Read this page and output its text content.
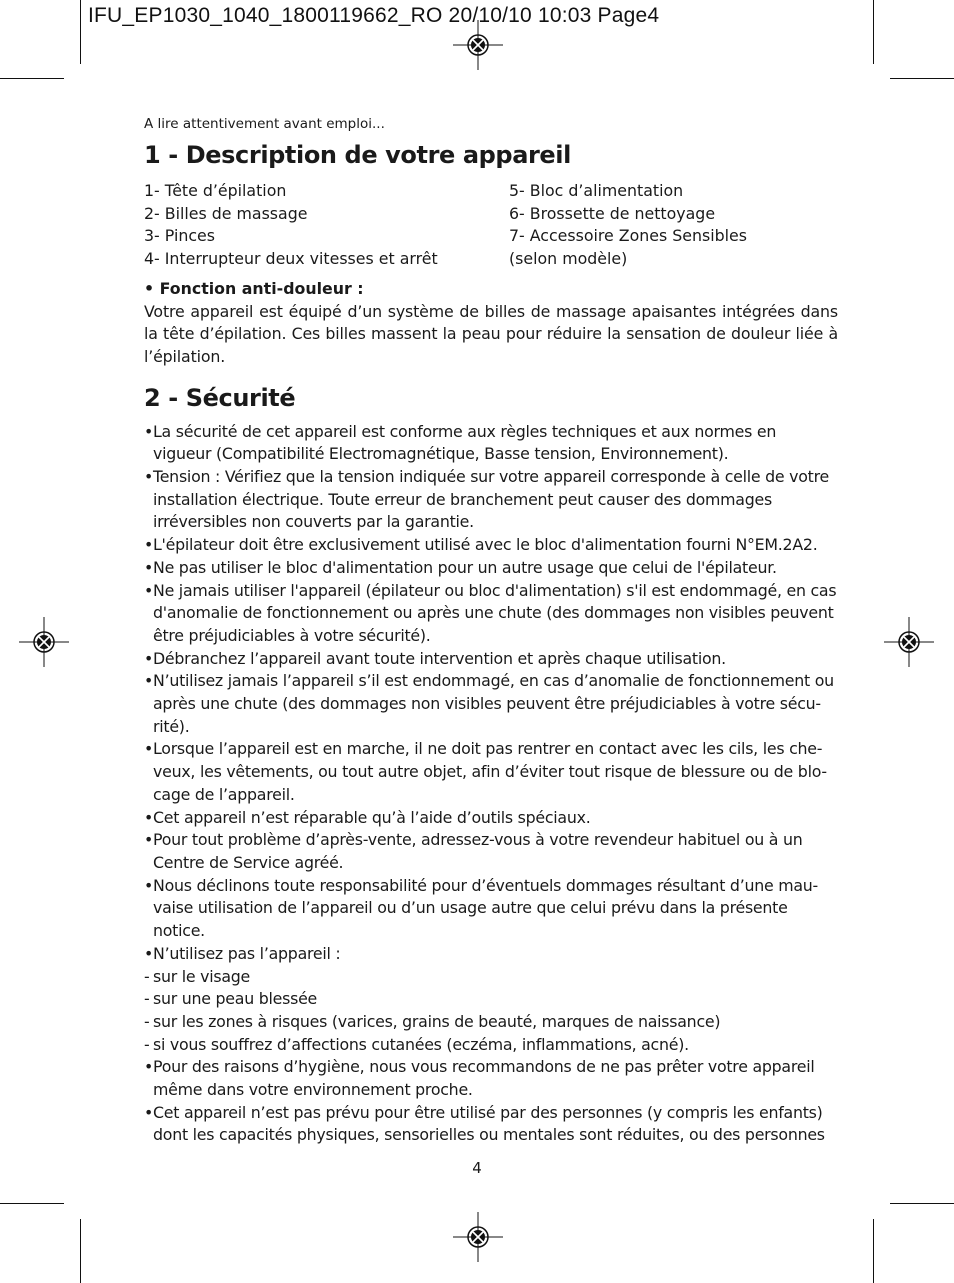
IFU_EP1030_1040_1800119662_RO 20/10/10 10:03 Page4
A lire attentivement avant emploi...
1 - Description de votre appareil
1- Tête d’épilation
2- Billes de massage
3- Pinces
4- Interrupteur deux vitesses et arrêt
5- Bloc d’alimentation
6- Brossette de nettoyage
7- Accessoire Zones Sensibles
(selon modèle)
• Fonction anti-douleur :

Votre appareil est équipé d’un système de billes de massage apaisantes intégrées dans la tête d’épilation. Ces billes massent la peau pour réduire la sensation de douleur liée à l’épilation.

2 - Sécurité
• La sécurité de cet appareil est conforme aux règles techniques et aux normes en vigueur (Compatibilité Electromagnétique, Basse tension, Environnement).
• Tension : Vérifiez que la tension indiquée sur votre appareil corresponde à celle de votre installation électrique. Toute erreur de branchement peut causer des dommages irréversibles non couverts par la garantie.
• L'épilateur doit être exclusivement utilisé avec le bloc d'alimentation fourni N°EM.2A2.
• Ne pas utiliser le bloc d'alimentation pour un autre usage que celui de l'épilateur.
• Ne jamais utiliser l'appareil (épilateur ou bloc d'alimentation) s'il est endommagé, en cas d'anomalie de fonctionnement ou après une chute (des dommages non visibles peuvent être préjudiciables à votre sécurité).
• Débranchez l’appareil avant toute intervention et après chaque utilisation.
• N’utilisez jamais l’appareil s’il est endommagé, en cas d’anomalie de fonctionnement ou après une chute (des dommages non visibles peuvent être préjudiciables à votre sécu-rité).
• Lorsque l’appareil est en marche, il ne doit pas rentrer en contact avec les cils, les che-veux, les vêtements, ou tout autre objet, afin d’éviter tout risque de blessure ou de blo-cage de l’appareil.
• Cet appareil n’est réparable qu’à l’aide d’outils spéciaux.
• Pour tout problème d’après-vente, adressez-vous à votre revendeur habituel ou à un Centre de Service agréé.
• Nous déclinons toute responsabilité pour d’éventuels dommages résultant d’une mau-vaise utilisation de l’appareil ou d’un usage autre que celui prévu dans la présente notice.
• N’utilisez pas l’appareil :
- sur le visage
- sur une peau blessée
- sur les zones à risques (varices, grains de beauté, marques de naissance)
- si vous souffrez d’affections cutanées (eczéma, inflammations, acné).
• Pour des raisons d’hygiène, nous vous recommandons de ne pas prêter votre appareil même dans votre environnement proche.
• Cet appareil n’est pas prévu pour être utilisé par des personnes (y compris les enfants) dont les capacités physiques, sensorielles ou mentales sont réduites, ou des personnes
4
